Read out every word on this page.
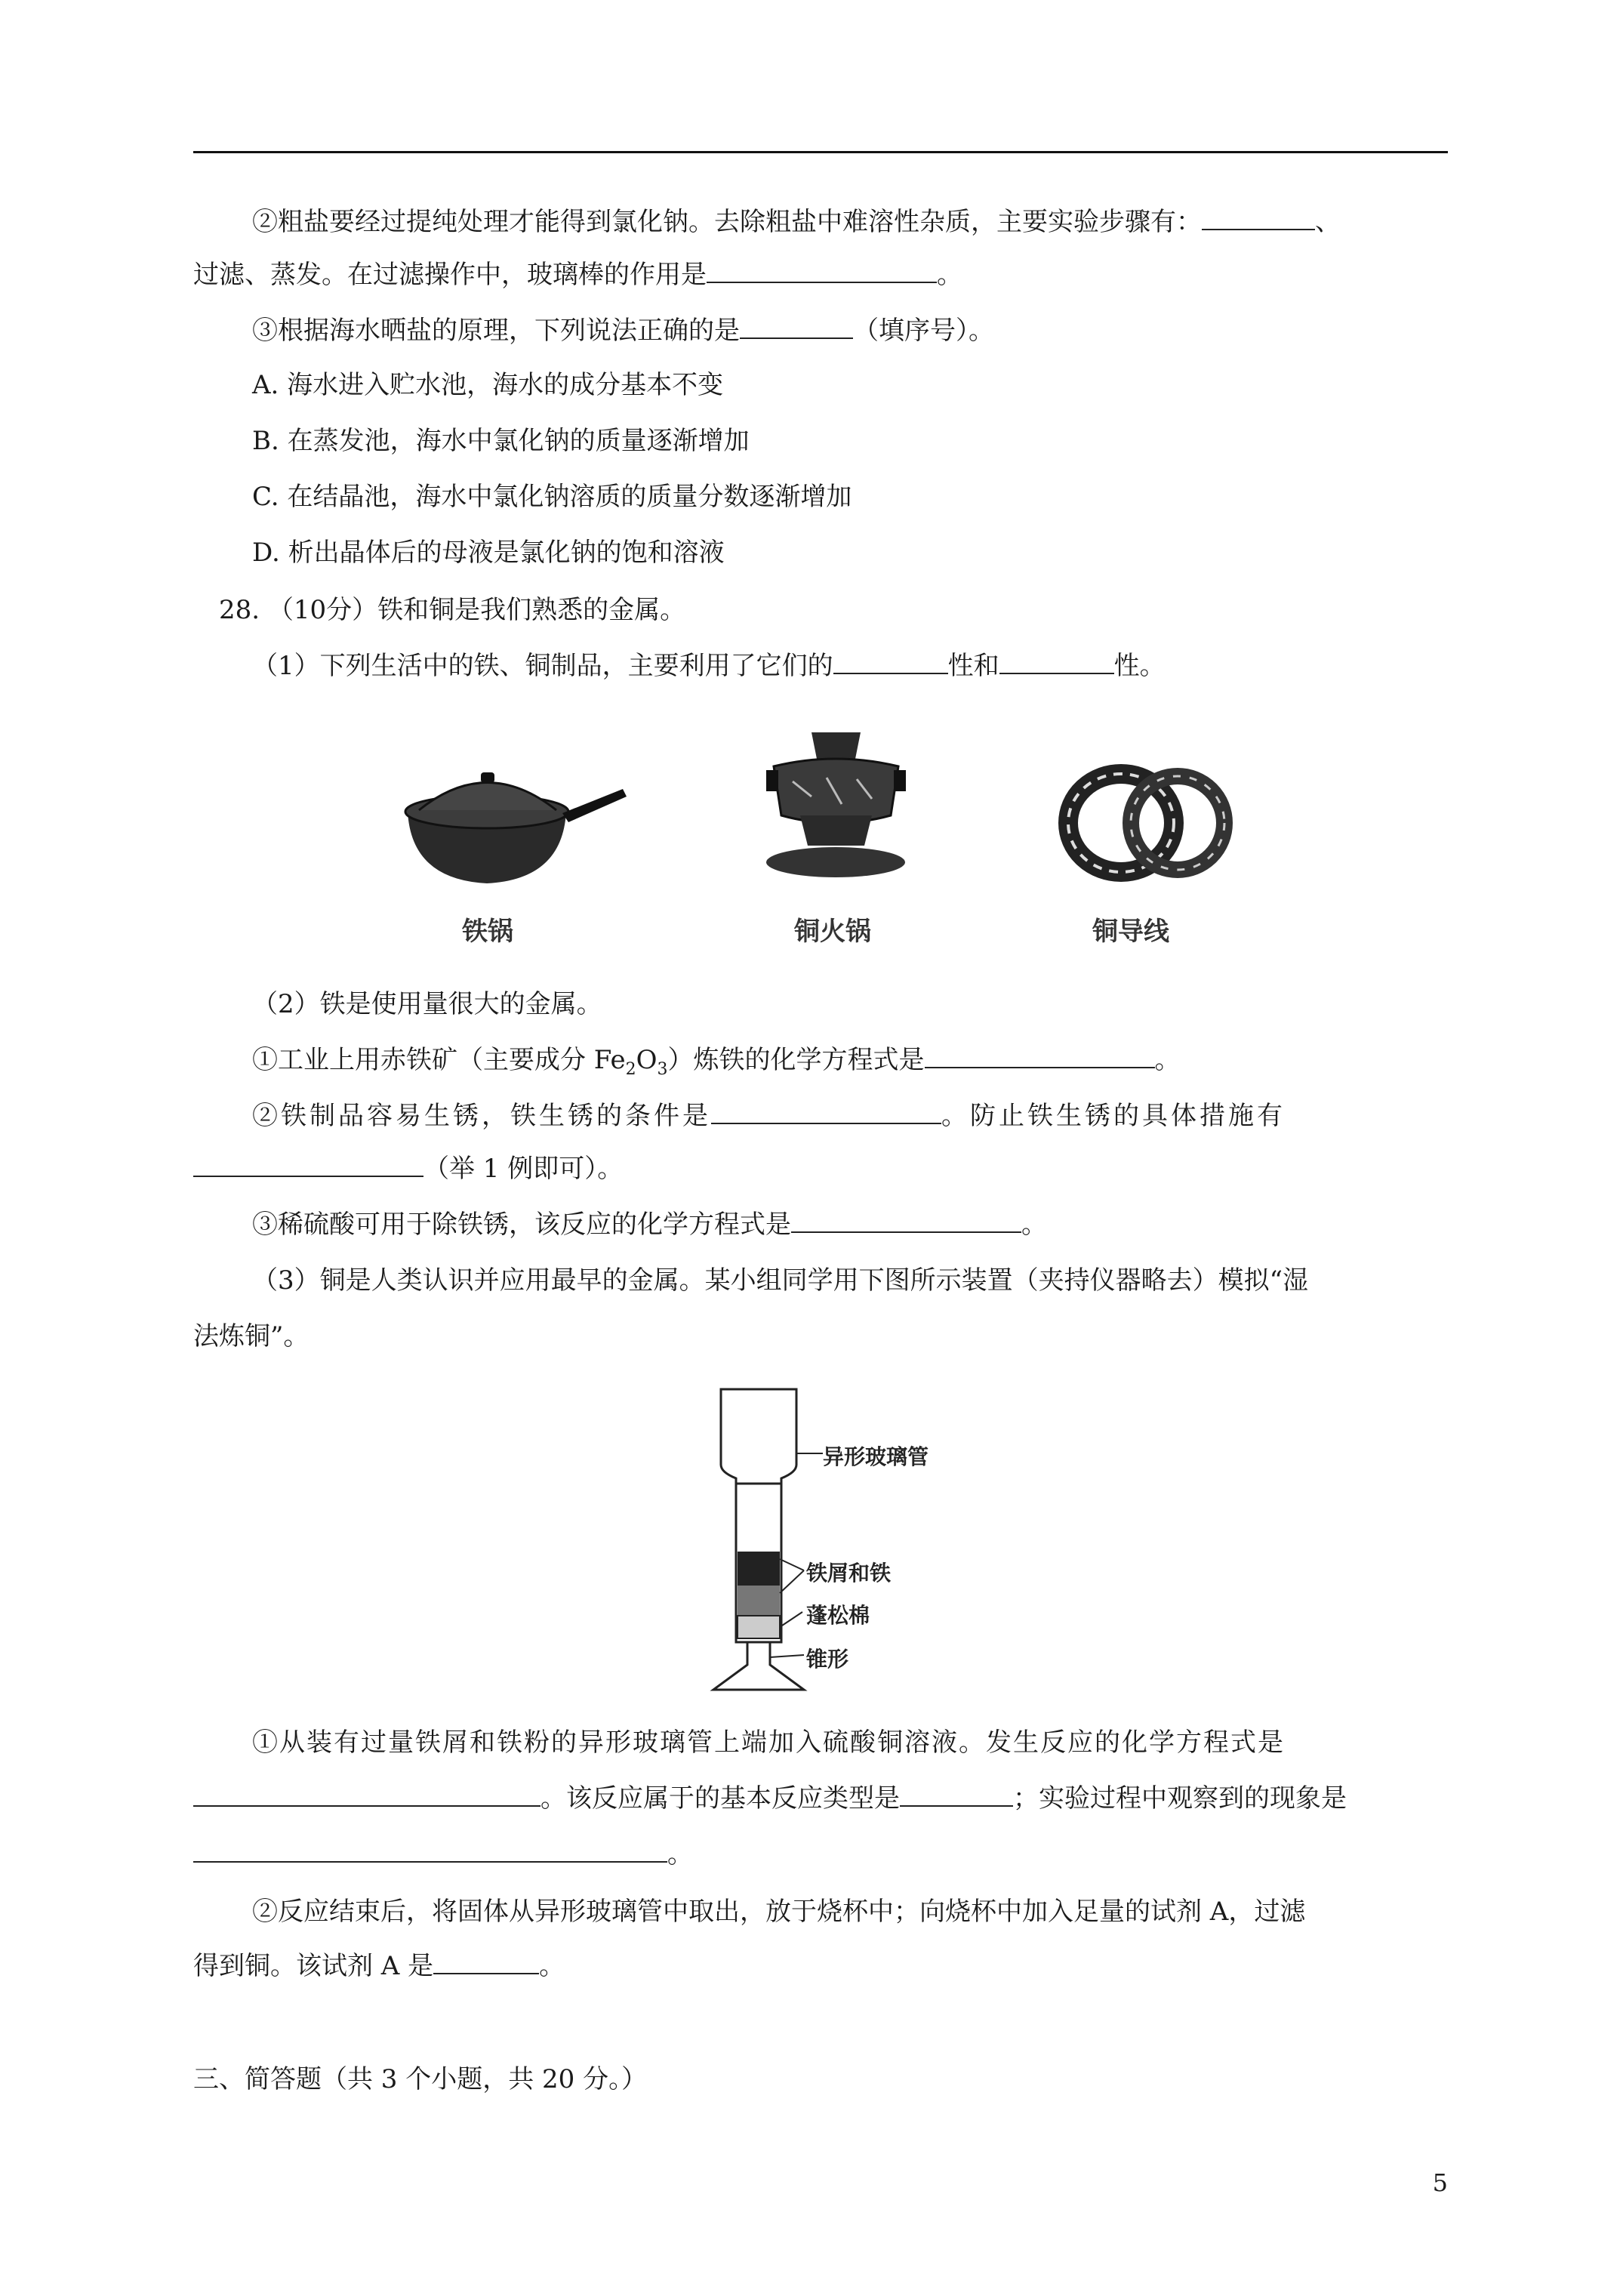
②粗盐要经过提纯处理才能得到氯化钠。去除粗盐中难溶性杂质，主要实验步骤有：	、
过滤、蒸发。在过滤操作中，玻璃棒的作用是	。
③根据海水晒盐的原理，下列说法正确的是	（填序号）。
A. 海水进入贮水池，海水的成分基本不变
B. 在蒸发池，海水中氯化钠的质量逐渐增加
C. 在结晶池，海水中氯化钠溶质的质量分数逐渐增加
D. 析出晶体后的母液是氯化钠的饱和溶液
28. （10分）铁和铜是我们熟悉的金属。
（1）下列生活中的铁、铜制品，主要利用了它们的	性和	性。
铁锅	铜火锅	铜导线
（2）铁是使用量很大的金属。
①工业上用赤铁矿（主要成分 $Fe_2O_3$）炼铁的化学方程式是	。
②铁制品容易生锈，铁生锈的条件是	。防止铁生锈的具体措施有
（举 1 例即可）。
③稀硫酸可用于除铁锈，该反应的化学方程式是	。
（3）铜是人类认识并应用最早的金属。某小组同学用下图所示装置（夹持仪器略去）模拟“湿
法炼铜”。
异形玻璃管
铁屑和铁
蓬松棉
锥形
①从装有过量铁屑和铁粉的异形玻璃管上端加入硫酸铜溶液。发生反应的化学方程式是
。该反应属于的基本反应类型是	；实验过程中观察到的现象是
。
②反应结束后，将固体从异形玻璃管中取出，放于烧杯中；向烧杯中加入足量的试剂 A，过滤
得到铜。该试剂 A 是	。
三、简答题（共 3 个小题，共 20 分。）
5
